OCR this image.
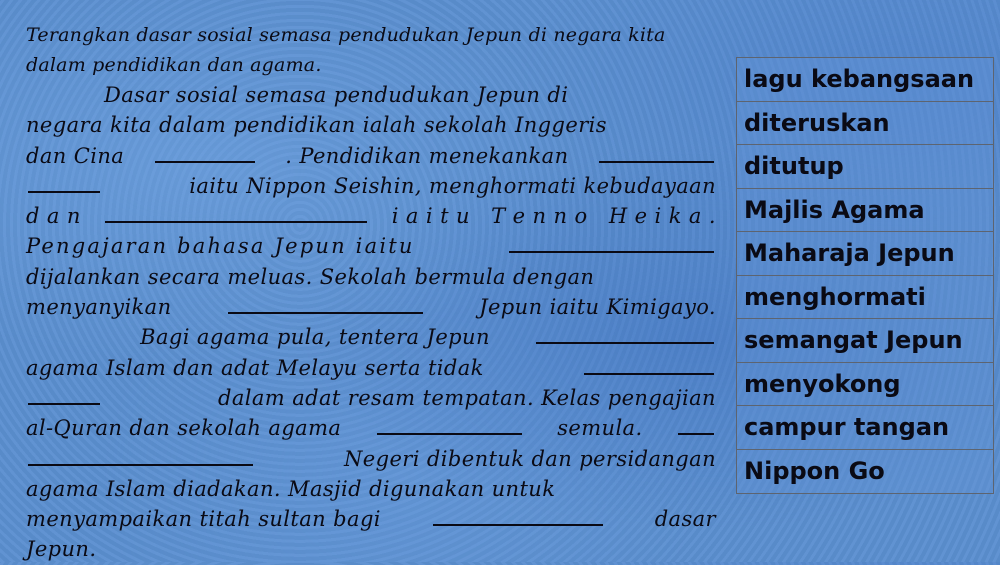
Terangkan dasar sosial semasa pendudukan Jepun di negara kita
dalam pendidikan dan agama.
Dasar sosial semasa pendudukan Jepun di
negara kita dalam pendidikan ialah sekolah Inggeris
dan Cina	. Pendidikan menekankan
iaitu Nippon Seishin, menghormati kebudayaan
d a n	i a i t u   T e n n o   H e i k a .
Pengajaran bahasa Jepun iaitu
dijalankan secara meluas. Sekolah bermula dengan
menyanyikan	Jepun iaitu Kimigayo.
Bagi agama pula, tentera Jepun
agama Islam dan adat Melayu serta tidak
dalam adat resam tempatan. Kelas pengajian
al-Quran dan sekolah agama	semula.
Negeri dibentuk dan persidangan
agama Islam diadakan. Masjid digunakan untuk
menyampaikan titah sultan bagi	dasar
Jepun.
lagu kebangsaan
diteruskan
ditutup
Majlis Agama
Maharaja Jepun
menghormati
semangat Jepun
menyokong
campur tangan
Nippon Go
